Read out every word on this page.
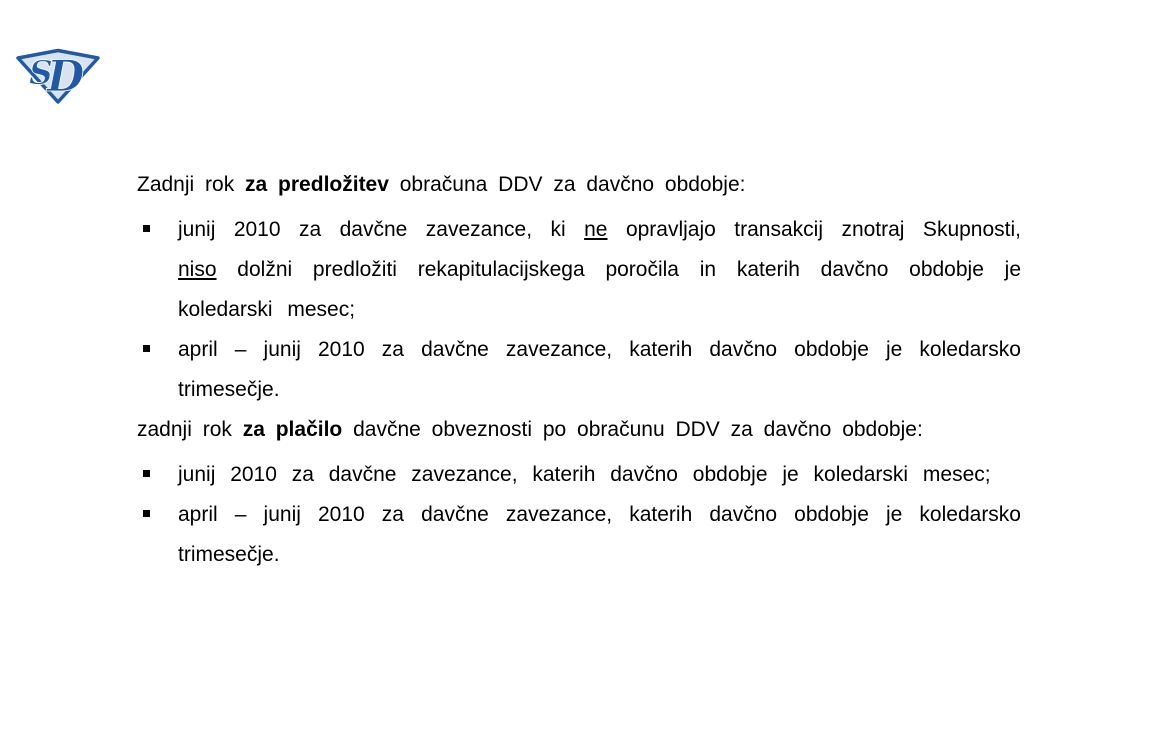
S
D

Zadnji rok za predložitev obračuna DDV za davčno obdobje:

junij 2010 za davčne zavezance, ki ne opravljajo transakcij znotraj Skupnosti, niso dolžni predložiti rekapitulacijskega poročila in katerih davčno obdobje je koledarski mesec;
april – junij 2010 za davčne zavezance, katerih davčno obdobje je koledarsko trimesečje.

zadnji rok za plačilo davčne obveznosti po obračunu DDV za davčno obdobje:

junij 2010 za davčne zavezance, katerih davčno obdobje je koledarski mesec;
april – junij 2010 za davčne zavezance, katerih davčno obdobje je koledarsko trimesečje.
